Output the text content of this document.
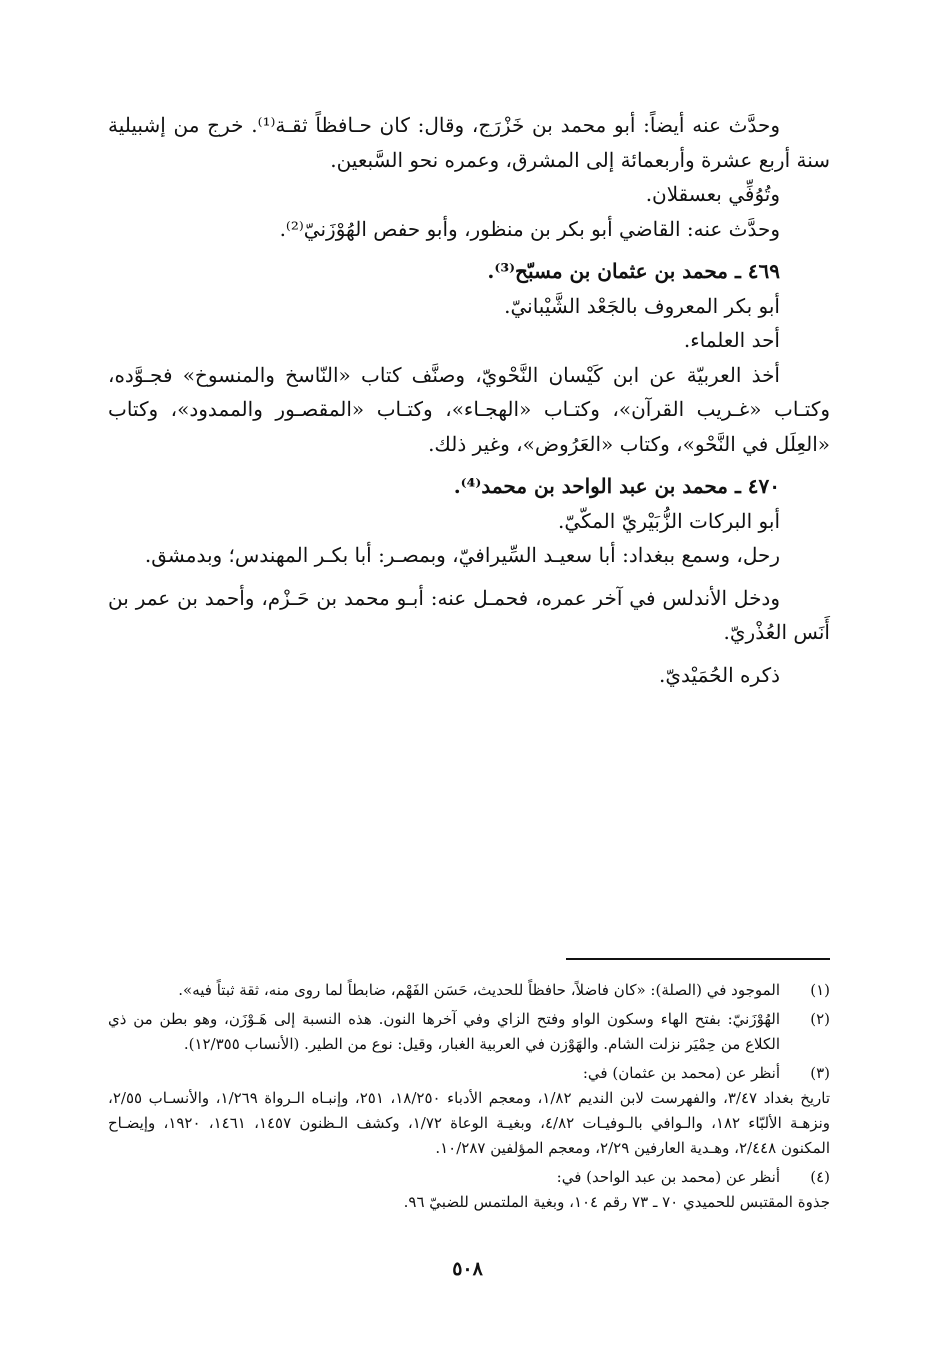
وحدَّث عنه أيضاً: أبو محمد بن خَزْرَج، وقال: كان حـافظاً ثقـة⁽¹⁾. خرج من إشبيلية سنة أربع عشرة وأربعمائة إلى المشرق، وعمره نحو السَّبعين.

وتُوُفِّي بعسقلان.

وحدَّث عنه: القاضي أبو بكر بن منظور، وأبو حفص الهُوْزَنيّ⁽²⁾.

٤٦٩ ـ محمد بن عثمان بن مسبّح⁽³⁾.

أبو بكر المعروف بالجَعْد الشَّيْبانيّ.

أحد العلماء.

أخذ العربيّة عن ابن كَيْسان النَّحْويّ، وصنَّف كتاب «النّاسخ والمنسوخ» فجـوَّده، وكتـاب «غـريب القرآن»، وكتـاب «الهجـاء»، وكتـاب «المقصـور والممدود»، وكتاب «العِلَل في النَّحْو»، وكتاب «العَرُوض»، وغير ذلك.

٤٧٠ ـ محمد بن عبد الواحد بن محمد⁽⁴⁾.

أبو البركات الزُّبَيْريّ المكّيّ.

رحل، وسمع ببغداد: أبا سعيـد السِّيرافيّ، وبمصـر: أبا بكـر المهندس؛ وبدمشق.

ودخل الأندلس في آخر عمره، فحمـل عنه: أبـو محمد بن حَـزْم، وأحمد بن عمر بن أَنَس العُذْريّ.

ذكره الحُمَيْديّ.

(١)
الموجود في (الصلة): «كان فاضلاً، حافظاً للحديث، حَسَن الفَهْم، ضابطاً لما روى منه، ثقة ثبتاً فيه».
(٢)
الهُوْزَنيّ: بفتح الهاء وسكون الواو وفتح الزاي وفي آخرها النون. هذه النسبة إلى هَـوْزَن، وهو بطن من ذي الكلاع من حِمْيَر نزلت الشام. والهَوْزن في العربية الغبار، وقيل: نوع من الطير. (الأنساب ١٢/٣٥٥).
(٣)
أنظر عن (محمد بن عثمان) في:
تاريخ بغداد ٣/٤٧، والفهرست لابن النديم ١/٨٢، ومعجم الأدباء ١٨/٢٥٠، ٢٥١، وإنبـاه الـرواة ١/٢٦٩، والأنسـاب ٢/٥٥، ونزهـة الألبّاء ١٨٢، والـوافي بالـوفيـات ٤/٨٢، وبغيـة الوعاة ١/٧٢، وكشف الـظنون ١٤٥٧، ١٤٦١، ١٩٢٠، وإيضـاح المكنون ٢/٤٤٨، وهـدية العارفين ٢/٢٩، ومعجم المؤلفين ١٠/٢٨٧.
(٤)
أنظر عن (محمد بن عبد الواحد) في:
جذوة المقتبس للحميدي ٧٠ ـ ٧٣ رقم ١٠٤، وبغية الملتمس للضبيّ ٩٦.
٥٠٨
